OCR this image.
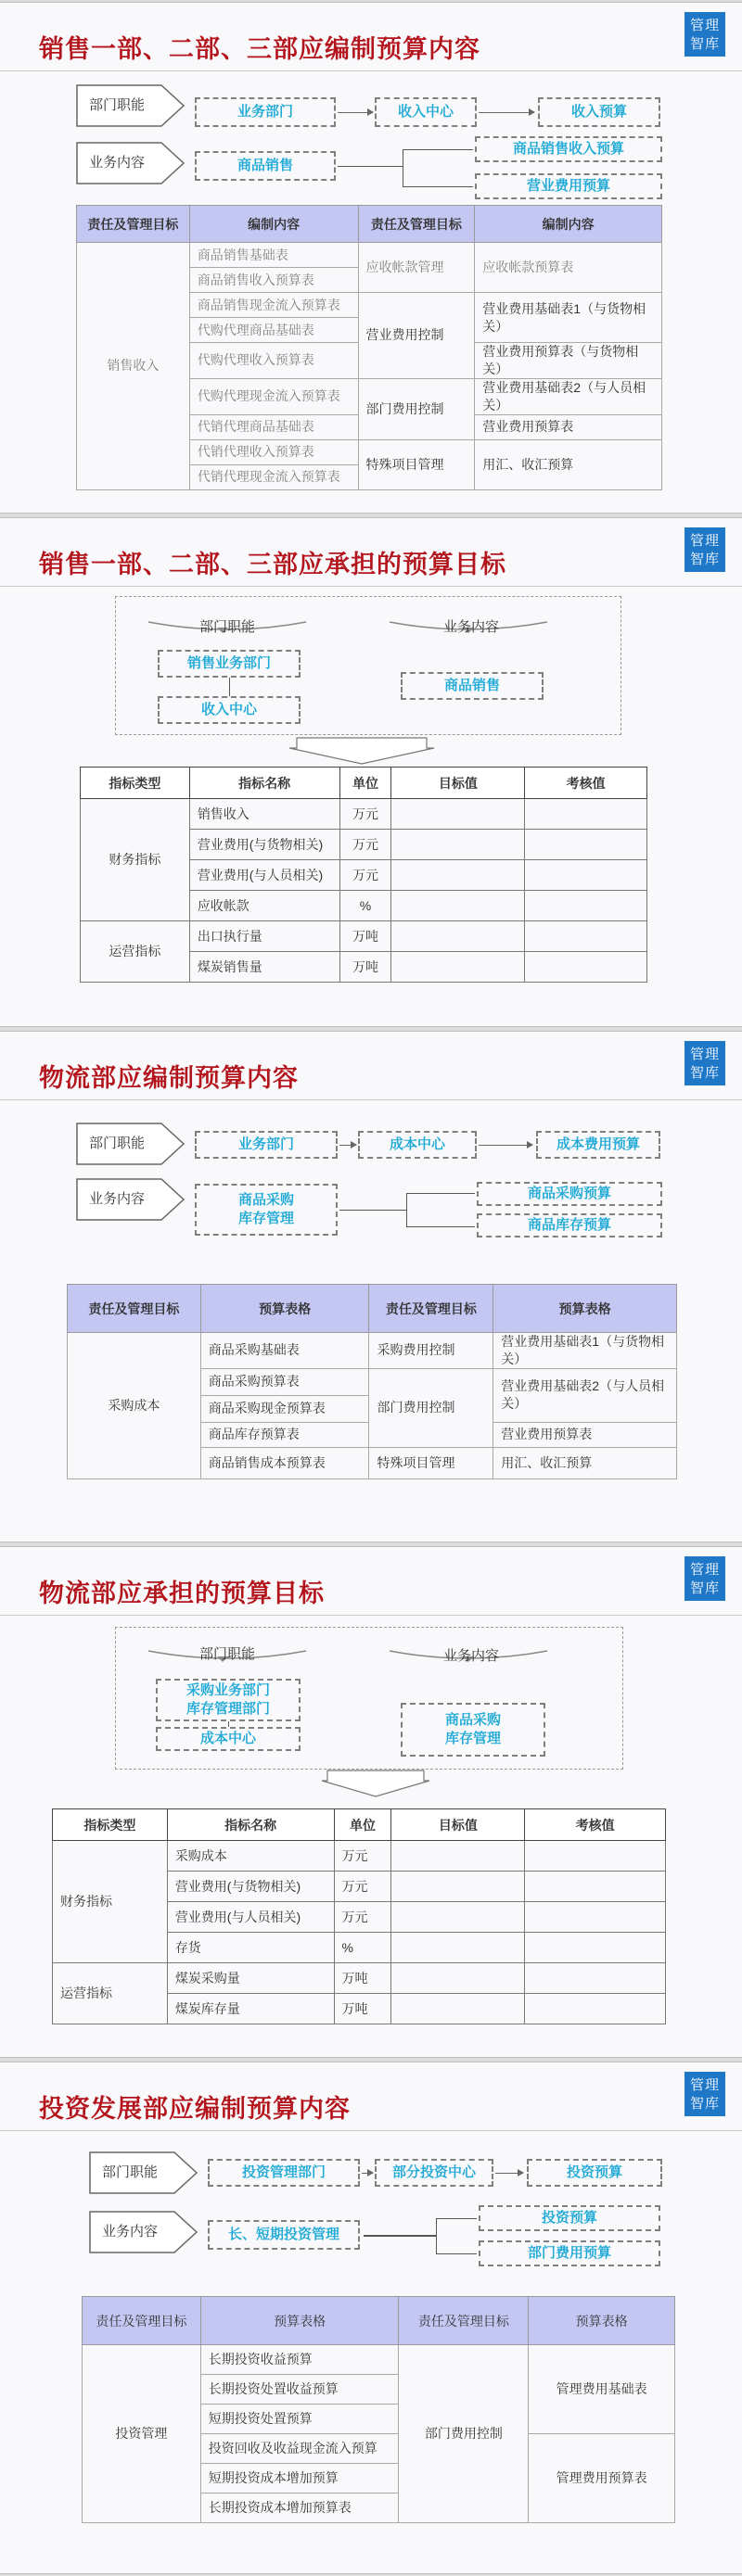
销售一部、二部、三部应编制预算内容
管理
智库
部门职能
业务内容
业务部门	收入中心	收入预算
商品销售
商品销售收入预算
营业费用预算
责任及管理目标	编制内容	责任及管理目标	编制内容
销售收入	商品销售基础表	应收帐款管理	应收帐款预算表
	商品销售收入预算表		
	商品销售现金流入预算表	营业费用控制	营业费用基础表1（与货物相关）
	代购代理商品基础表		
	代购代理收入预算表		营业费用预算表（与货物相关）
	代购代理现金流入预算表	部门费用控制	营业费用基础表2（与人员相关）
	代销代理商品基础表		营业费用预算表
	代销代理收入预算表	特殊项目管理	用汇、收汇预算
	代销代理现金流入预算表		
销售一部、二部、三部应承担的预算目标
管理
智库
部门职能	业务内容
销售业务部门
收入中心
商品销售
指标类型	指标名称	单位	目标值	考核值
财务指标	销售收入	万元		
	营业费用(与货物相关)	万元		
	营业费用(与人员相关)	万元		
	应收帐款	%		
运营指标	出口执行量	万吨		
	煤炭销售量	万吨		
物流部应编制预算内容
管理
智库
部门职能
业务内容
业务部门	成本中心	成本费用预算
商品采购
库存管理
商品采购预算
商品库存预算
责任及管理目标	预算表格	责任及管理目标	预算表格
采购成本	商品采购基础表	采购费用控制	营业费用基础表1（与货物相关）

	商品采购预算表	部门费用控制	营业费用基础表2（与人员相关）
	商品采购现金预算表		
	商品库存预算表		营业费用预算表
	商品销售成本预算表	特殊项目管理	用汇、收汇预算
物流部应承担的预算目标
管理
智库
部门职能	业务内容
采购业务部门
库存管理部门
成本中心
商品采购
库存管理
指标类型	指标名称	单位	目标值	考核值
财务指标	采购成本	万元		
	营业费用(与货物相关)	万元		
	营业费用(与人员相关)	万元		
	存货	%		
运营指标	煤炭采购量	万吨		
	煤炭库存量	万吨		
投资发展部应编制预算内容
管理
智库
部门职能
业务内容
投资管理部门	部分投资中心	投资预算
长、短期投资管理
投资预算
部门费用预算
责任及管理目标	预算表格	责任及管理目标	预算表格
投资管理	长期投资收益预算	部门费用控制	管理费用基础表
	长期投资处置收益预算		
	短期投资处置预算		
	投资回收及收益现金流入预算		管理费用预算表
	短期投资成本增加预算		
	长期投资成本增加预算表		
